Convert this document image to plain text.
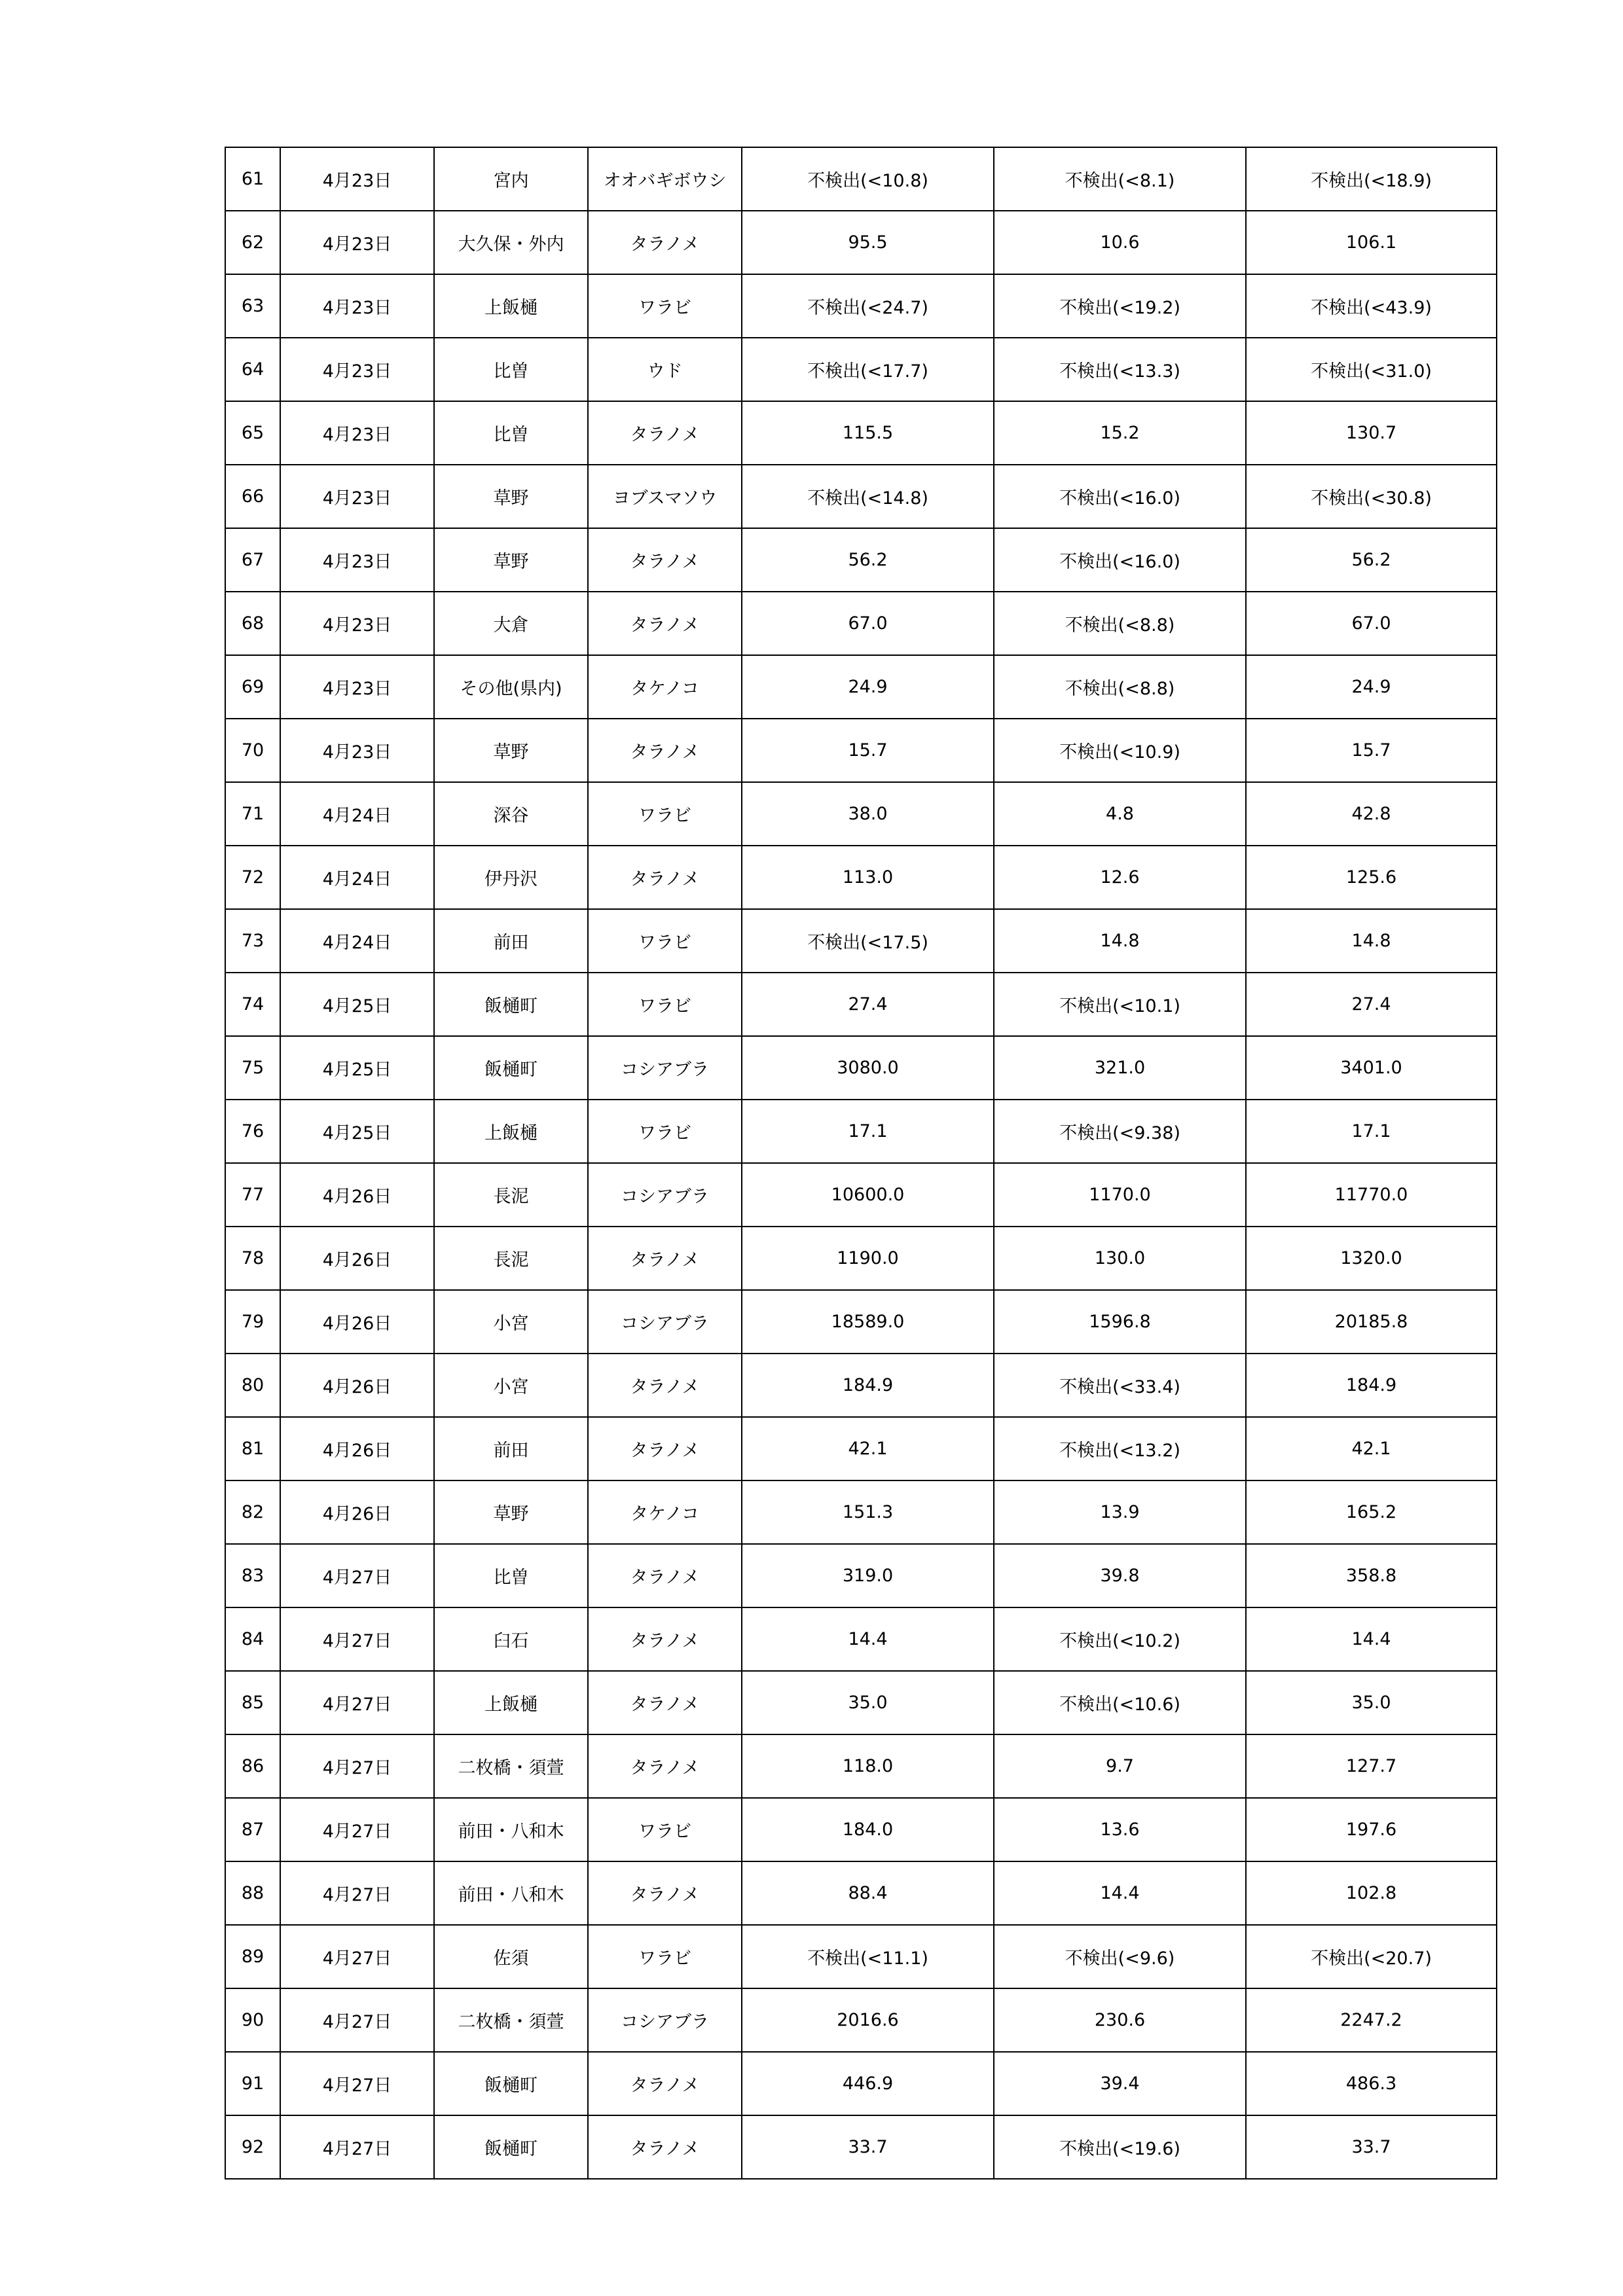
61	4月23日	宮内	オオバギボウシ	不検出(<10.8)	不検出(<8.1)	不検出(<18.9)
62	4月23日	大久保・外内	タラノメ	95.5	10.6	106.1
63	4月23日	上飯樋	ワラビ	不検出(<24.7)	不検出(<19.2)	不検出(<43.9)
64	4月23日	比曽	ウド	不検出(<17.7)	不検出(<13.3)	不検出(<31.0)
65	4月23日	比曽	タラノメ	115.5	15.2	130.7
66	4月23日	草野	ヨブスマソウ	不検出(<14.8)	不検出(<16.0)	不検出(<30.8)
67	4月23日	草野	タラノメ	56.2	不検出(<16.0)	56.2
68	4月23日	大倉	タラノメ	67.0	不検出(<8.8)	67.0
69	4月23日	その他(県内)	タケノコ	24.9	不検出(<8.8)	24.9
70	4月23日	草野	タラノメ	15.7	不検出(<10.9)	15.7
71	4月24日	深谷	ワラビ	38.0	4.8	42.8
72	4月24日	伊丹沢	タラノメ	113.0	12.6	125.6
73	4月24日	前田	ワラビ	不検出(<17.5)	14.8	14.8
74	4月25日	飯樋町	ワラビ	27.4	不検出(<10.1)	27.4
75	4月25日	飯樋町	コシアブラ	3080.0	321.0	3401.0
76	4月25日	上飯樋	ワラビ	17.1	不検出(<9.38)	17.1
77	4月26日	長泥	コシアブラ	10600.0	1170.0	11770.0
78	4月26日	長泥	タラノメ	1190.0	130.0	1320.0
79	4月26日	小宮	コシアブラ	18589.0	1596.8	20185.8
80	4月26日	小宮	タラノメ	184.9	不検出(<33.4)	184.9
81	4月26日	前田	タラノメ	42.1	不検出(<13.2)	42.1
82	4月26日	草野	タケノコ	151.3	13.9	165.2
83	4月27日	比曽	タラノメ	319.0	39.8	358.8
84	4月27日	臼石	タラノメ	14.4	不検出(<10.2)	14.4
85	4月27日	上飯樋	タラノメ	35.0	不検出(<10.6)	35.0
86	4月27日	二枚橋・須萱	タラノメ	118.0	9.7	127.7
87	4月27日	前田・八和木	ワラビ	184.0	13.6	197.6
88	4月27日	前田・八和木	タラノメ	88.4	14.4	102.8
89	4月27日	佐須	ワラビ	不検出(<11.1)	不検出(<9.6)	不検出(<20.7)
90	4月27日	二枚橋・須萱	コシアブラ	2016.6	230.6	2247.2
91	4月27日	飯樋町	タラノメ	446.9	39.4	486.3
92	4月27日	飯樋町	タラノメ	33.7	不検出(<19.6)	33.7
